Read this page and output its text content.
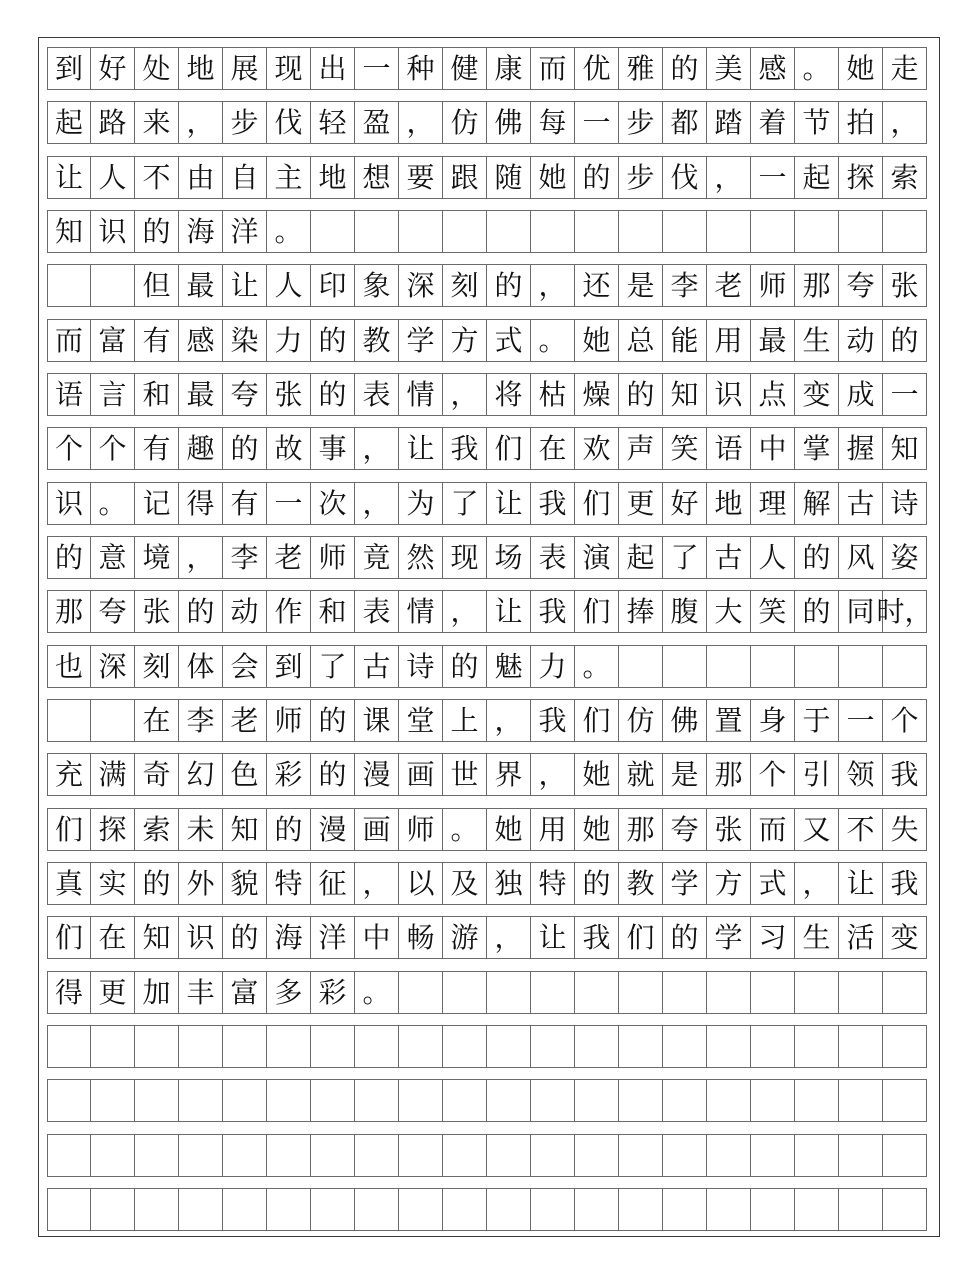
到 好 处 地 展 现 出 一 种 健 康 而 优 雅 的 美 感 。 她 走
起 路 来 ， 步 伐 轻 盈 ， 仿 佛 每 一 步 都 踏 着 节 拍 ，
让 人 不 由 自 主 地 想 要 跟 随 她 的 步 伐 ， 一 起 探 索
知 识 的 海 洋 。
但 最 让 人 印 象 深 刻 的 ， 还 是 李 老 师 那 夸 张
而 富 有 感 染 力 的 教 学 方 式 。 她 总 能 用 最 生 动 的
语 言 和 最 夸 张 的 表 情 ， 将 枯 燥 的 知 识 点 变 成 一
个 个 有 趣 的 故 事 ， 让 我 们 在 欢 声 笑 语 中 掌 握 知
识 。 记 得 有 一 次 ， 为 了 让 我 们 更 好 地 理 解 古 诗
的 意 境 ， 李 老 师 竟 然 现 场 表 演 起 了 古 人 的 风 姿
那 夸 张 的 动 作 和 表 情 ， 让 我 们 捧 腹 大 笑 的 同 时，
也 深 刻 体 会 到 了 古 诗 的 魅 力 。
在 李 老 师 的 课 堂 上 ， 我 们 仿 佛 置 身 于 一 个
充 满 奇 幻 色 彩 的 漫 画 世 界 ， 她 就 是 那 个 引 领 我
们 探 索 未 知 的 漫 画 师 。 她 用 她 那 夸 张 而 又 不 失
真 实 的 外 貌 特 征 ， 以 及 独 特 的 教 学 方 式 ， 让 我
们 在 知 识 的 海 洋 中 畅 游 ， 让 我 们 的 学 习 生 活 变
得 更 加 丰 富 多 彩 。
